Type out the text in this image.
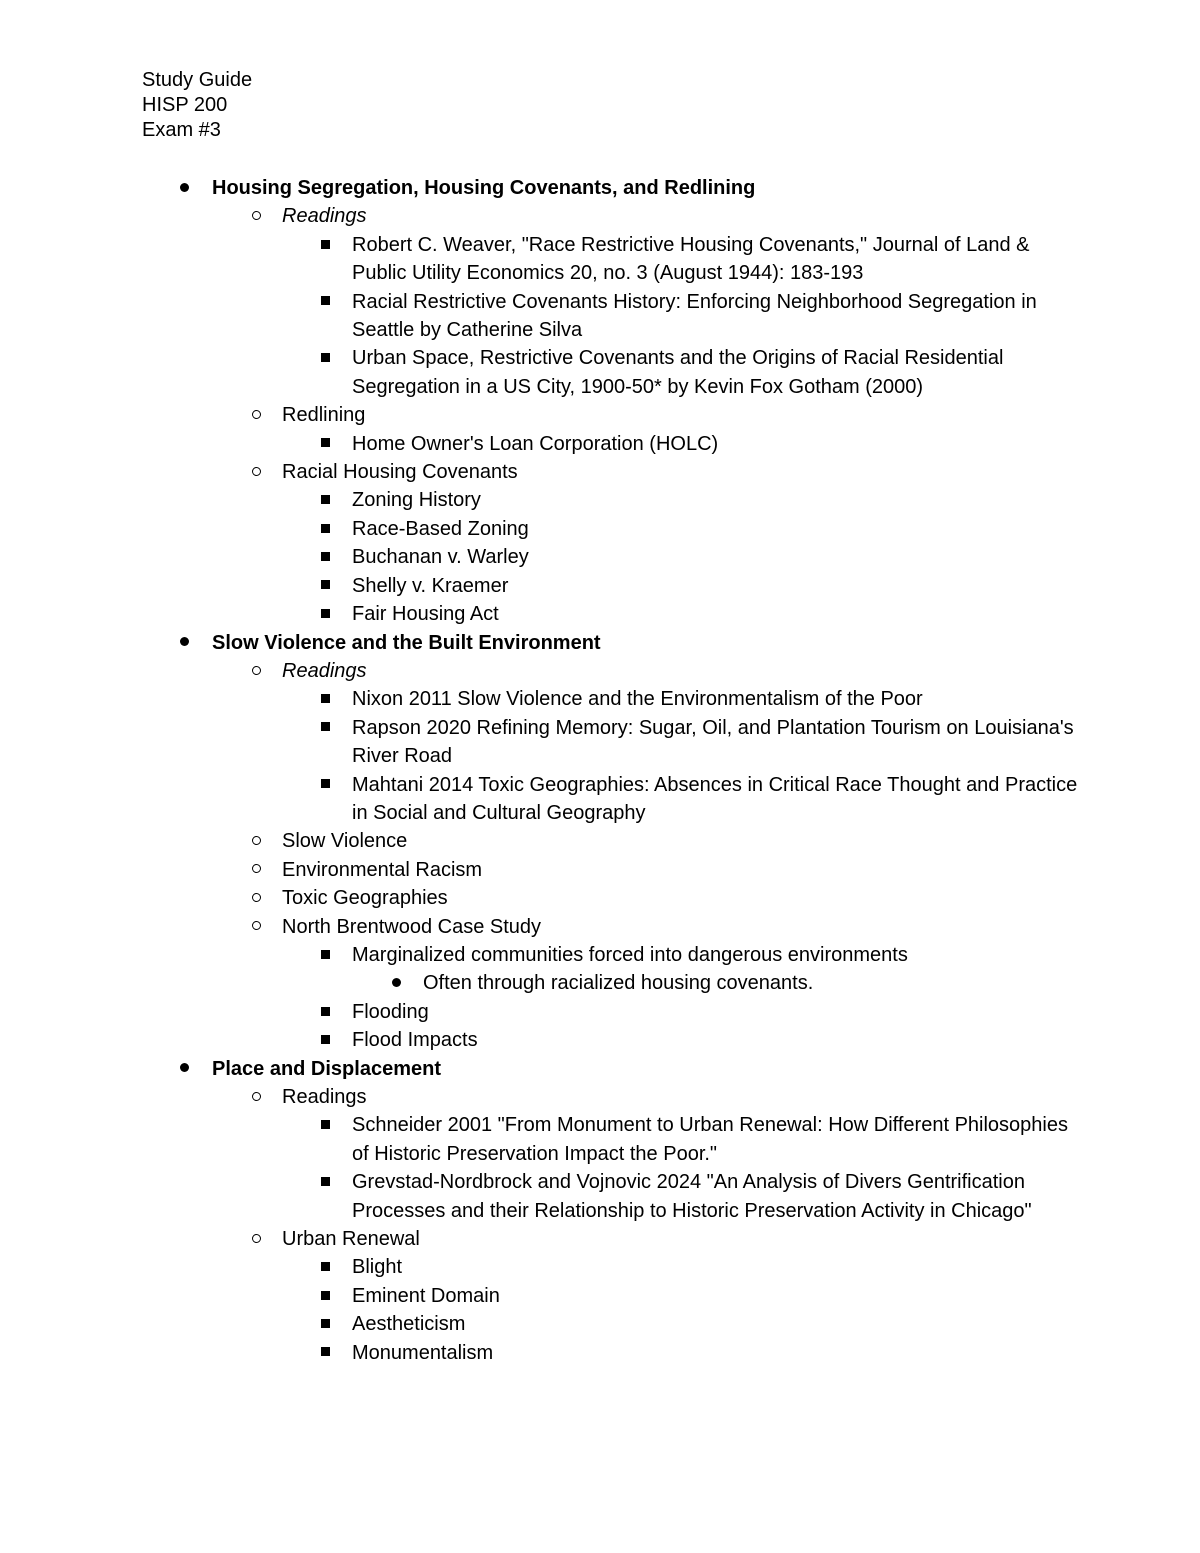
Study Guide
HISP 200
Exam #3
Housing Segregation, Housing Covenants, and Redlining
Readings
Robert C. Weaver, "Race Restrictive Housing Covenants," Journal of Land & Public Utility Economics 20, no. 3 (August 1944): 183-193
Racial Restrictive Covenants History: Enforcing Neighborhood Segregation in Seattle by Catherine Silva
Urban Space, Restrictive Covenants and the Origins of Racial Residential Segregation in a US City, 1900-50* by Kevin Fox Gotham (2000)
Redlining
Home Owner's Loan Corporation (HOLC)
Racial Housing Covenants
Zoning History
Race-Based Zoning
Buchanan v. Warley
Shelly v. Kraemer
Fair Housing Act
Slow Violence and the Built Environment
Readings
Nixon 2011 Slow Violence and the Environmentalism of the Poor
Rapson 2020 Refining Memory: Sugar, Oil, and Plantation Tourism on Louisiana's River Road
Mahtani 2014 Toxic Geographies: Absences in Critical Race Thought and Practice in Social and Cultural Geography
Slow Violence
Environmental Racism
Toxic Geographies
North Brentwood Case Study
Marginalized communities forced into dangerous environments
Often through racialized housing covenants.
Flooding
Flood Impacts
Place and Displacement
Readings
Schneider 2001 "From Monument to Urban Renewal: How Different Philosophies of Historic Preservation Impact the Poor."
Grevstad-Nordbrock and Vojnovic 2024 "An Analysis of Divers Gentrification Processes and their Relationship to Historic Preservation Activity in Chicago"
Urban Renewal
Blight
Eminent Domain
Aestheticism
Monumentalism
